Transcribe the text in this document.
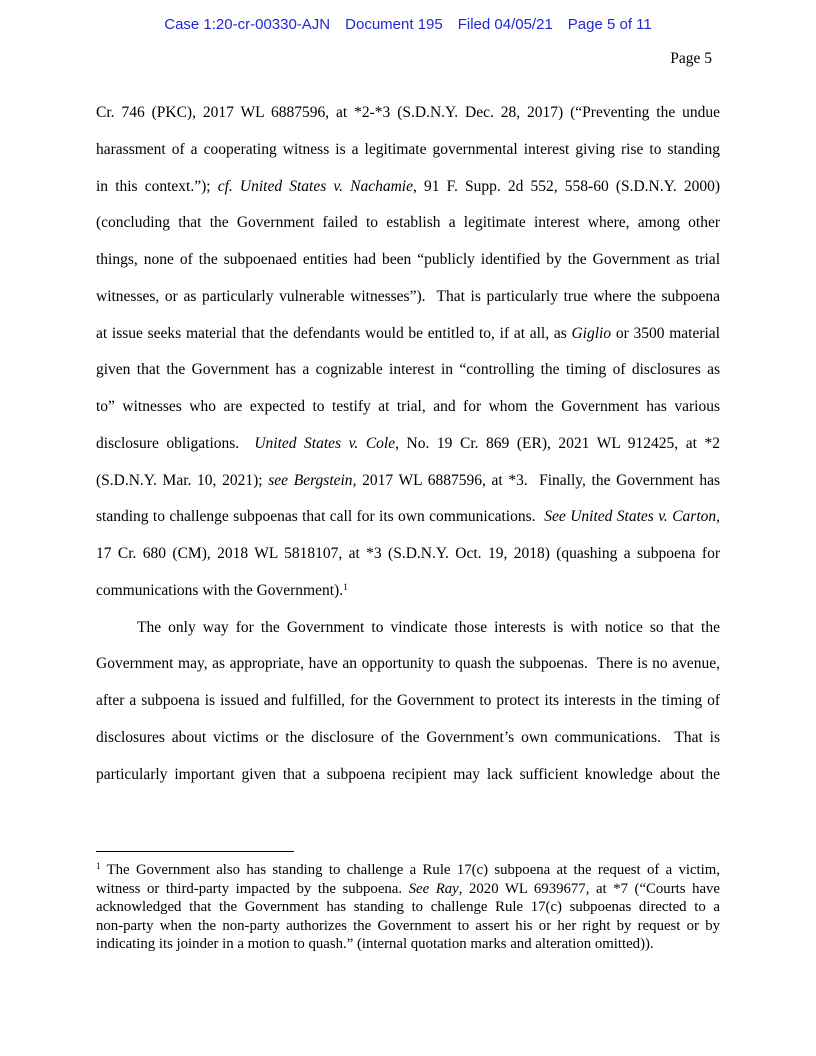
Case 1:20-cr-00330-AJN Document 195 Filed 04/05/21 Page 5 of 11
Page 5
Cr. 746 (PKC), 2017 WL 6887596, at *2-*3 (S.D.N.Y. Dec. 28, 2017) (“Preventing the undue
harassment of a cooperating witness is a legitimate governmental interest giving rise to standing
in this context.”); cf. United States v. Nachamie, 91 F. Supp. 2d 552, 558-60 (S.D.N.Y. 2000)
(concluding that the Government failed to establish a legitimate interest where, among other
things, none of the subpoenaed entities had been “publicly identified by the Government as trial
witnesses, or as particularly vulnerable witnesses”).  That is particularly true where the subpoena
at issue seeks material that the defendants would be entitled to, if at all, as Giglio or 3500 material
given that the Government has a cognizable interest in “controlling the timing of disclosures as
to” witnesses who are expected to testify at trial, and for whom the Government has various
disclosure obligations.  United States v. Cole, No. 19 Cr. 869 (ER), 2021 WL 912425, at *2
(S.D.N.Y. Mar. 10, 2021); see Bergstein, 2017 WL 6887596, at *3.  Finally, the Government has
standing to challenge subpoenas that call for its own communications.  See United States v. Carton,
17 Cr. 680 (CM), 2018 WL 5818107, at *3 (S.D.N.Y. Oct. 19, 2018) (quashing a subpoena for
communications with the Government).$^1$
The only way for the Government to vindicate those interests is with notice so that the
Government may, as appropriate, have an opportunity to quash the subpoenas.  There is no avenue,
after a subpoena is issued and fulfilled, for the Government to protect its interests in the timing of
disclosures about victims or the disclosure of the Government’s own communications.  That is
particularly important given that a subpoena recipient may lack sufficient knowledge about the
$^1$ The Government also has standing to challenge a Rule 17(c) subpoena at the request of a victim,
witness or third-party impacted by the subpoena. See Ray, 2020 WL 6939677, at *7 (“Courts have
acknowledged that the Government has standing to challenge Rule 17(c) subpoenas directed to a
non-party when the non-party authorizes the Government to assert his or her right by request or by
indicating its joinder in a motion to quash.” (internal quotation marks and alteration omitted)).
